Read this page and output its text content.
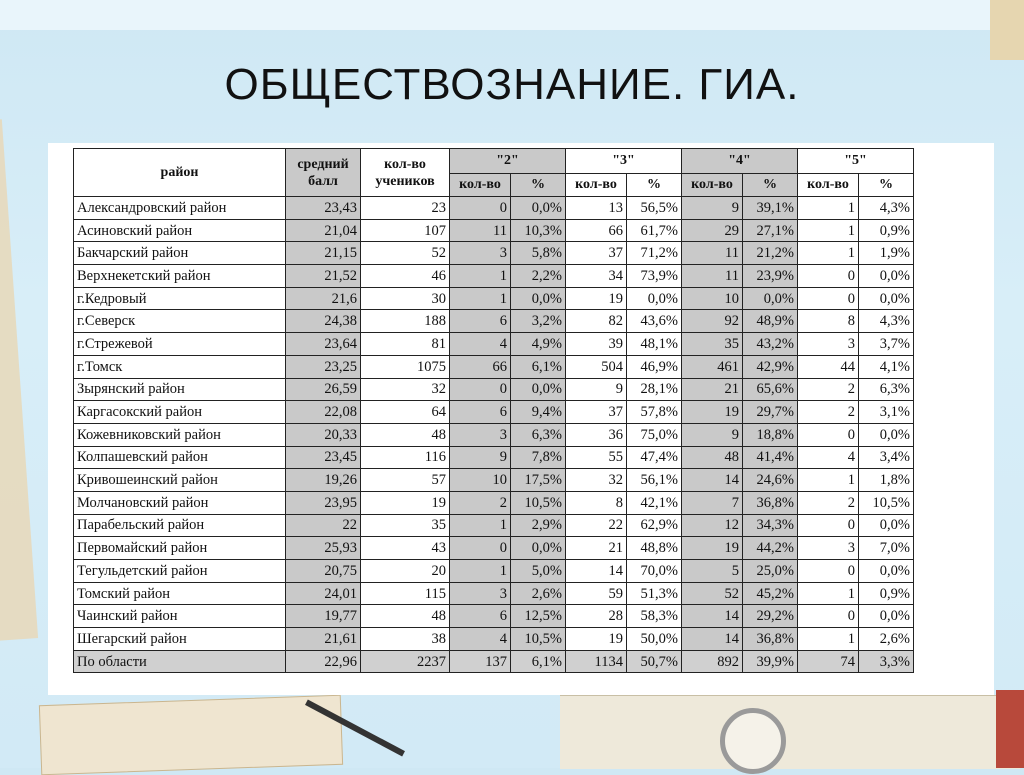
ОБЩЕСТВОЗНАНИЕ. ГИА.
район	средний балл	кол-во учеников	"2"		"3"		"4"		"5"	
			кол-во	%	кол-во	%	кол-во	%	кол-во	%
Александровский район	23,43	23	0	0,0%	13	56,5%	9	39,1%	1	4,3%
Асиновский район	21,04	107	11	10,3%	66	61,7%	29	27,1%	1	0,9%
Бакчарский район	21,15	52	3	5,8%	37	71,2%	11	21,2%	1	1,9%
Верхнекетский район	21,52	46	1	2,2%	34	73,9%	11	23,9%	0	0,0%
г.Кедровый	21,6	30	1	0,0%	19	0,0%	10	0,0%	0	0,0%
г.Северск	24,38	188	6	3,2%	82	43,6%	92	48,9%	8	4,3%
г.Стрежевой	23,64	81	4	4,9%	39	48,1%	35	43,2%	3	3,7%
г.Томск	23,25	1075	66	6,1%	504	46,9%	461	42,9%	44	4,1%
Зырянский район	26,59	32	0	0,0%	9	28,1%	21	65,6%	2	6,3%
Каргасокский район	22,08	64	6	9,4%	37	57,8%	19	29,7%	2	3,1%
Кожевниковский район	20,33	48	3	6,3%	36	75,0%	9	18,8%	0	0,0%
Колпашевский район	23,45	116	9	7,8%	55	47,4%	48	41,4%	4	3,4%
Кривошеинский район	19,26	57	10	17,5%	32	56,1%	14	24,6%	1	1,8%
Молчановский район	23,95	19	2	10,5%	8	42,1%	7	36,8%	2	10,5%
Парабельский район	22	35	1	2,9%	22	62,9%	12	34,3%	0	0,0%
Первомайский район	25,93	43	0	0,0%	21	48,8%	19	44,2%	3	7,0%
Тегульдетский район	20,75	20	1	5,0%	14	70,0%	5	25,0%	0	0,0%
Томский район	24,01	115	3	2,6%	59	51,3%	52	45,2%	1	0,9%
Чаинский район	19,77	48	6	12,5%	28	58,3%	14	29,2%	0	0,0%
Шегарский район	21,61	38	4	10,5%	19	50,0%	14	36,8%	1	2,6%
По области	22,96	2237	137	6,1%	1134	50,7%	892	39,9%	74	3,3%
